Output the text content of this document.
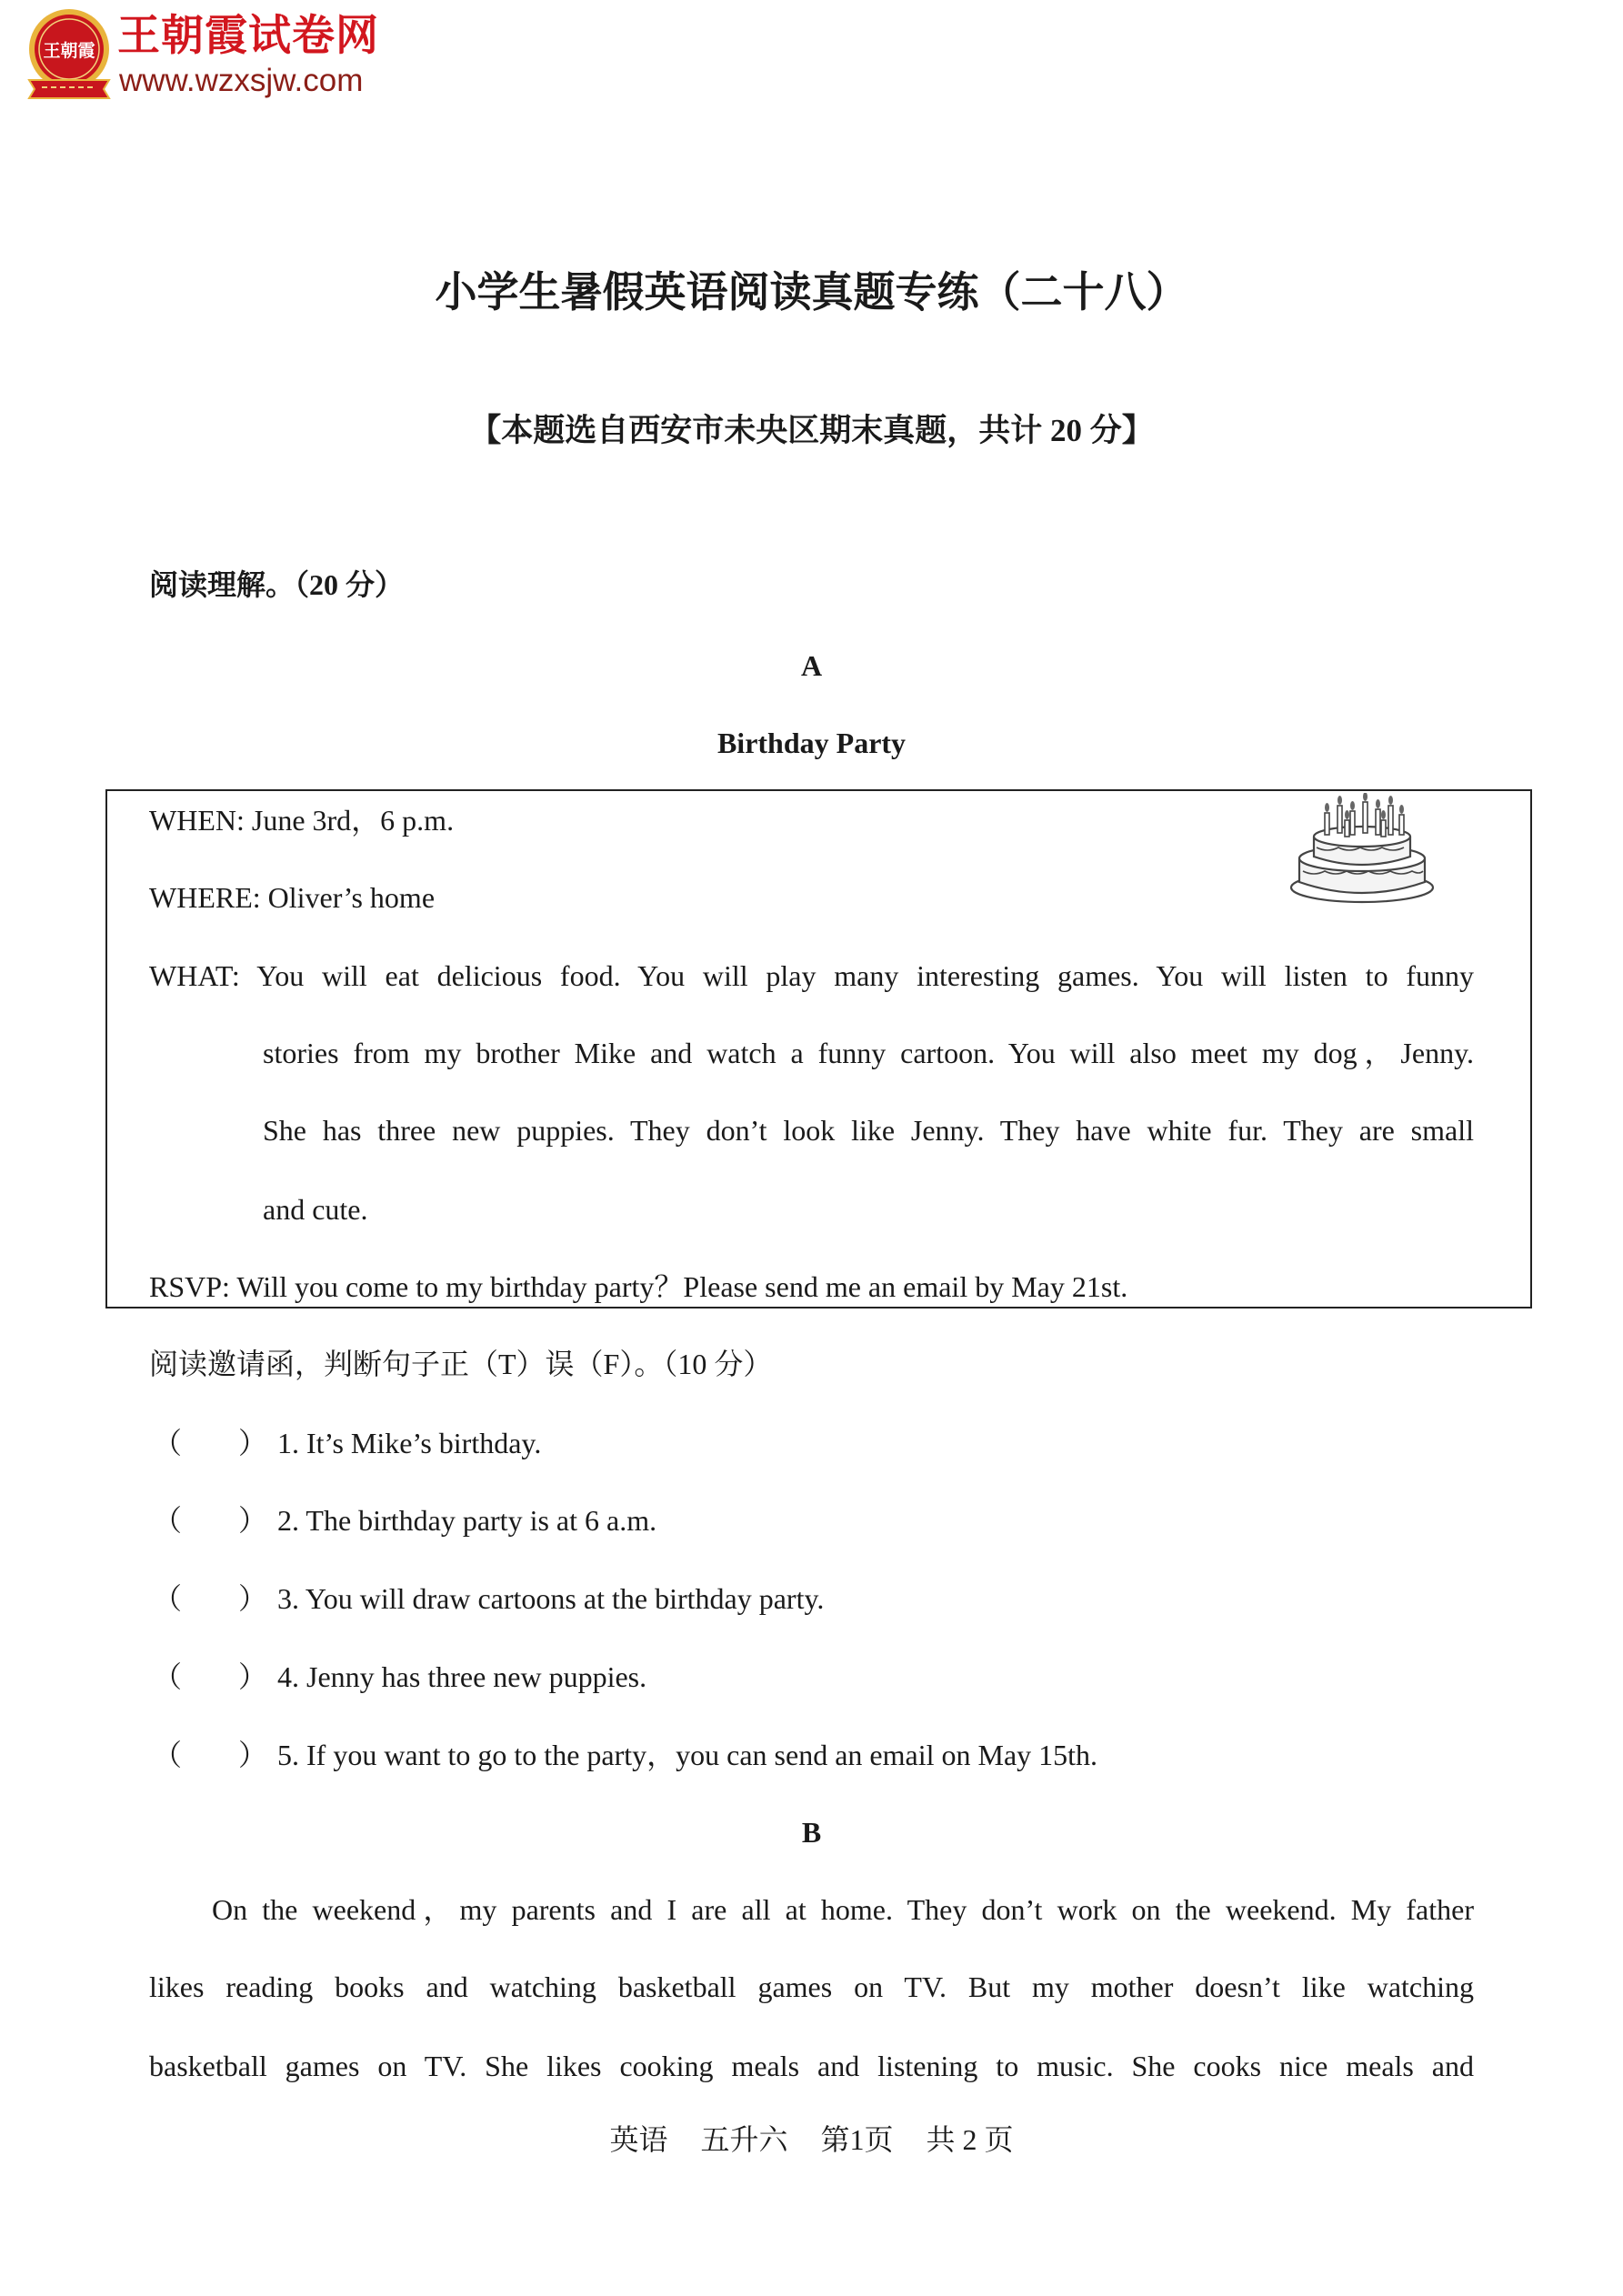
王朝霞 王朝霞试卷网
www.wzxsjw.com
小学生暑假英语阅读真题专练（二十八）
【本题选自西安市未央区期末真题，共计 20 分】
阅读理解。（20 分）
A
Birthday Party
WHEN: June 3rd，6 p.m.
WHERE: Oliver’s home
WHAT: You will eat delicious food. You will play many interesting games. You will listen to funny
stories from my brother Mike and watch a funny cartoon. You will also meet my dog，Jenny.
She has three new puppies. They don’t look like Jenny. They have white fur. They are small
and cute.
RSVP: Will you come to my birthday party？Please send me an email by May 21st.
阅读邀请函，判断句子正（T）误（F）。（10 分）
（ ） 1. It’s Mike’s birthday.
（ ） 2. The birthday party is at 6 a.m.
（ ） 3. You will draw cartoons at the birthday party.
（ ） 4. Jenny has three new puppies.
（ ） 5. If you want to go to the party，you can send an email on May 15th.
B
On the weekend，my parents and I are all at home. They don’t work on the weekend. My father
likes reading books and watching basketball games on TV. But my mother doesn’t like watching
basketball games on TV. She likes cooking meals and listening to music. She cooks nice meals and
英语 五升六 第1页 共 2 页
